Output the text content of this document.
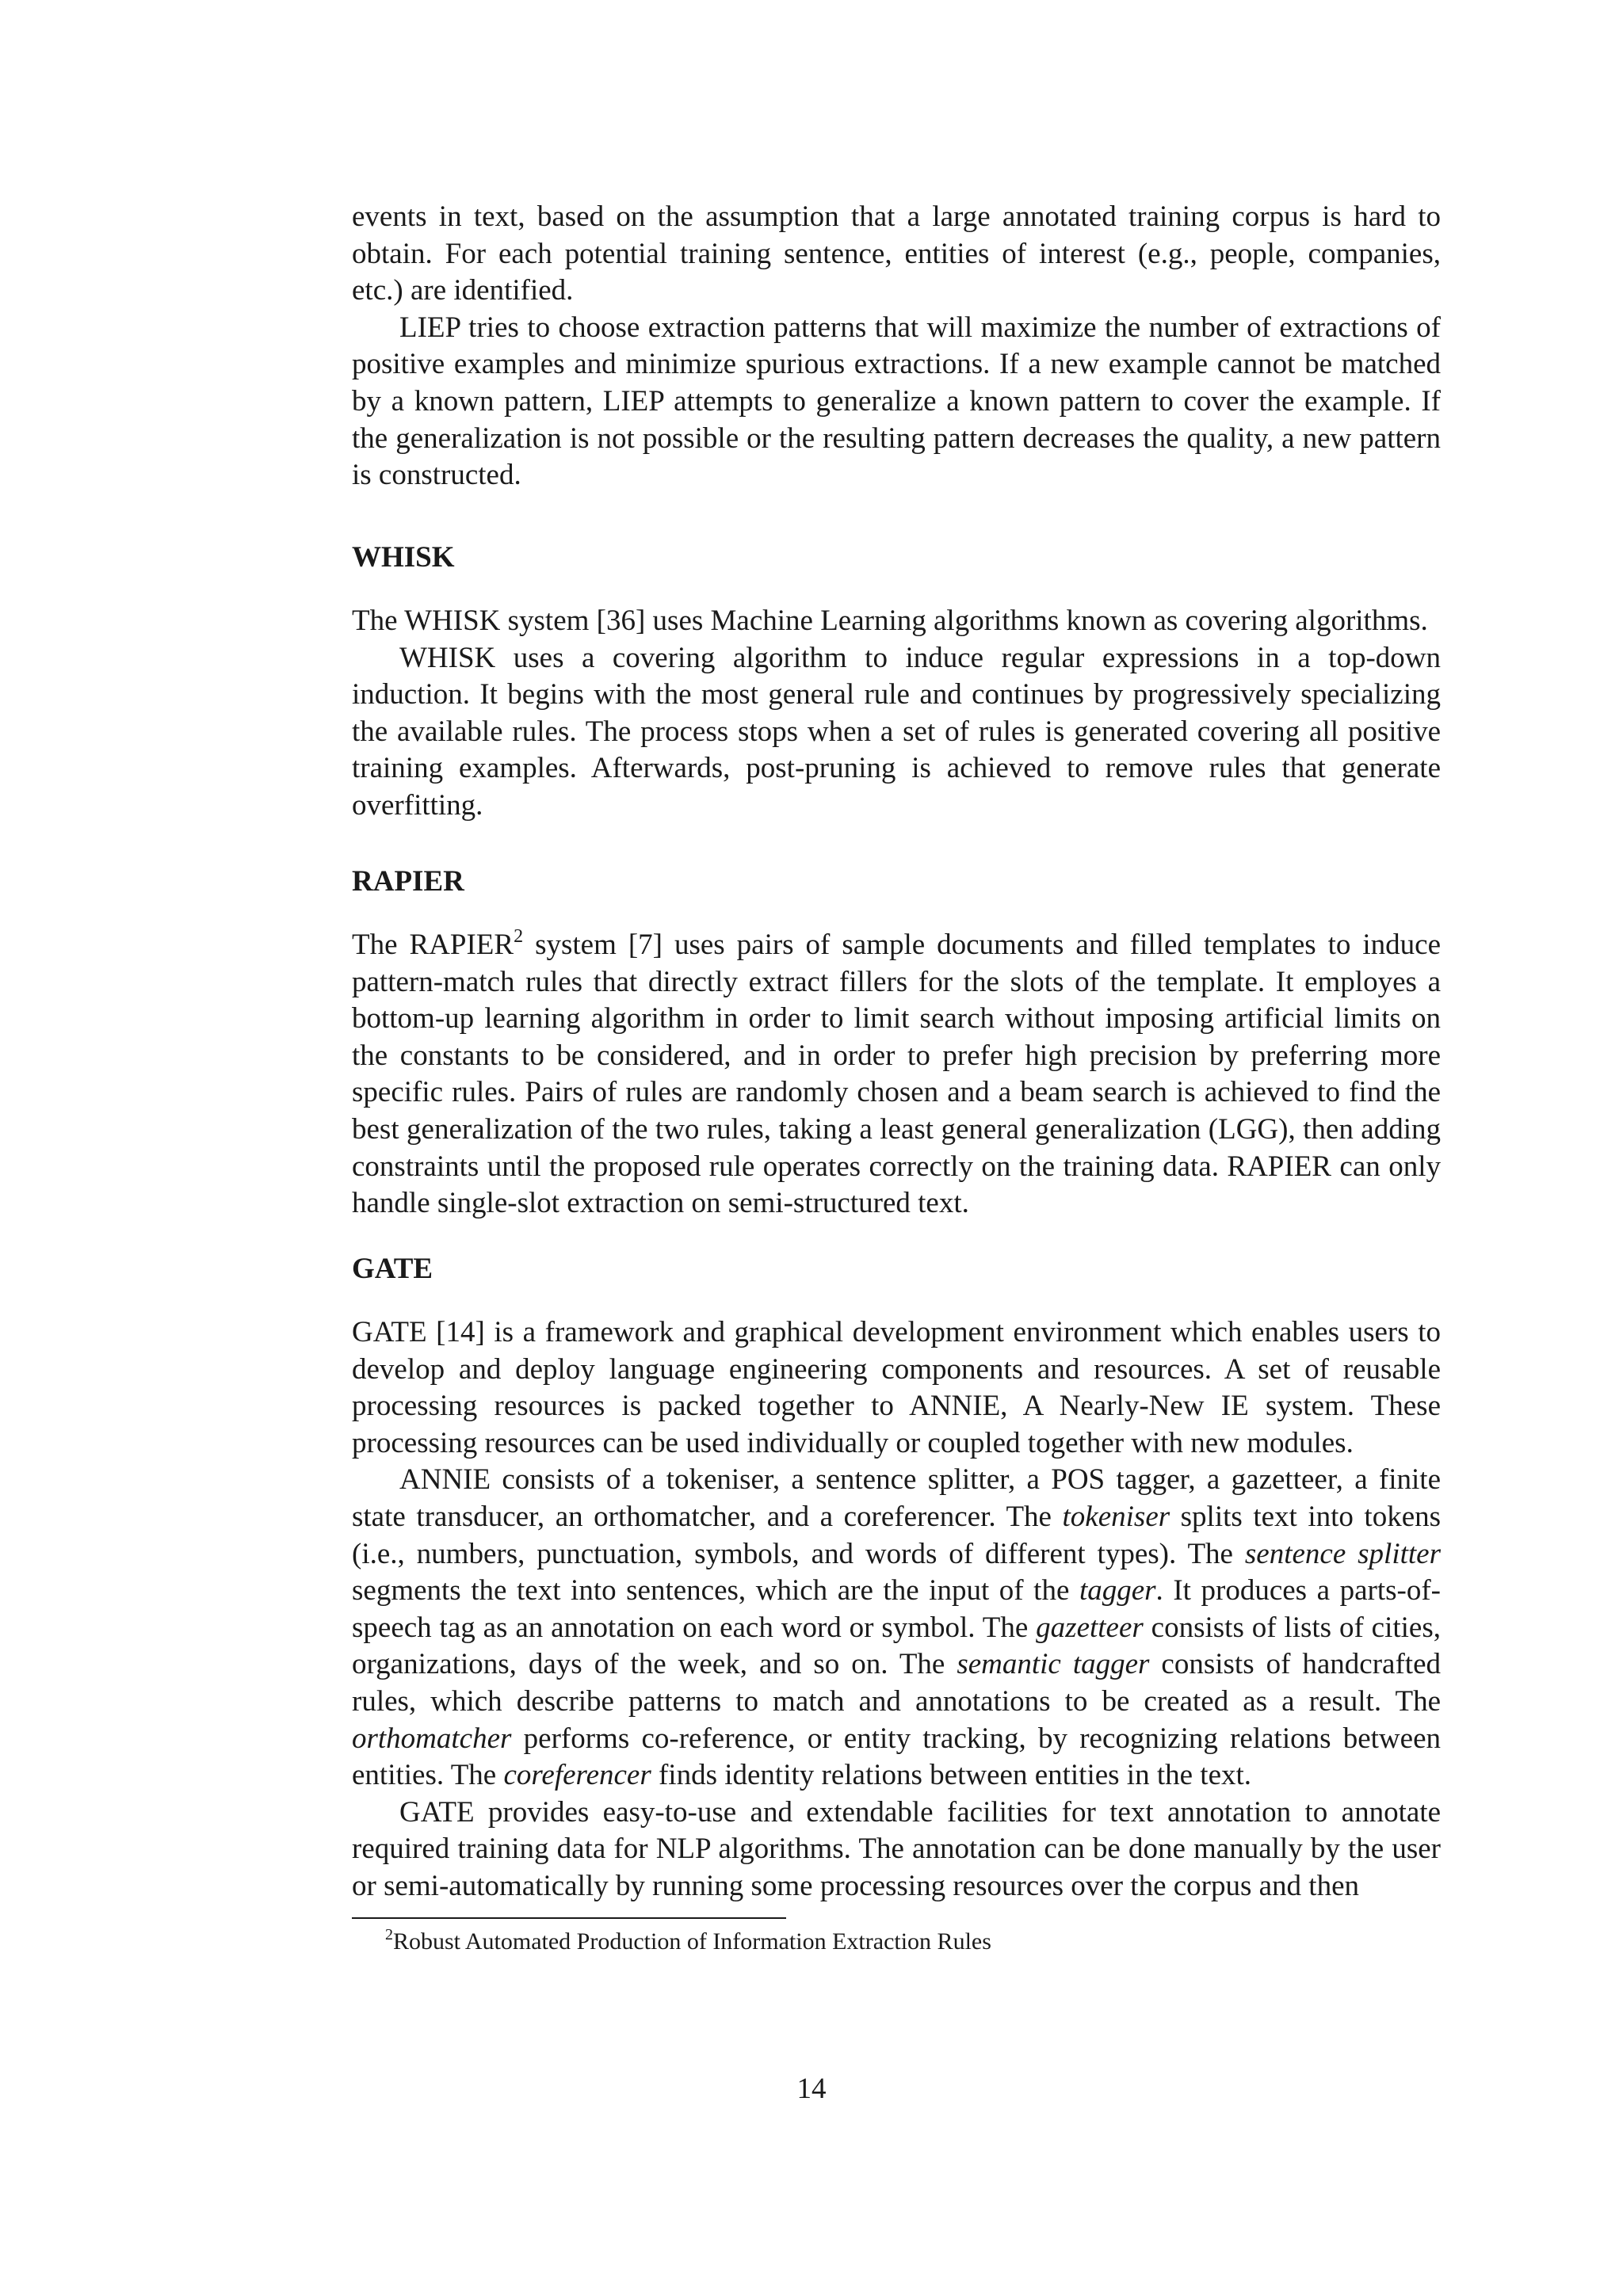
events in text, based on the assumption that a large annotated training corpus is hard to obtain. For each potential training sentence, entities of interest (e.g., people, companies, etc.) are identified.

LIEP tries to choose extraction patterns that will maximize the number of extractions of positive examples and minimize spurious extractions. If a new example cannot be matched by a known pattern, LIEP attempts to generalize a known pattern to cover the example. If the generalization is not possible or the resulting pattern decreases the quality, a new pattern is constructed.

WHISK

The WHISK system [36] uses Machine Learning algorithms known as covering algorithms.

WHISK uses a covering algorithm to induce regular expressions in a top-down induction. It begins with the most general rule and continues by progressively specializing the available rules. The process stops when a set of rules is generated covering all positive training examples. Afterwards, post-pruning is achieved to remove rules that generate overfitting.

RAPIER

The RAPIER$^2$ system [7] uses pairs of sample documents and filled templates to induce pattern-match rules that directly extract fillers for the slots of the template. It employes a bottom-up learning algorithm in order to limit search without imposing artificial limits on the constants to be considered, and in order to prefer high precision by preferring more specific rules. Pairs of rules are randomly chosen and a beam search is achieved to find the best generalization of the two rules, taking a least general generalization (LGG), then adding constraints until the proposed rule operates correctly on the training data. RAPIER can only handle single-slot extraction on semi-structured text.

GATE

GATE [14] is a framework and graphical development environment which enables users to develop and deploy language engineering components and resources. A set of reusable processing resources is packed together to ANNIE, A Nearly-New IE system. These processing resources can be used individually or coupled together with new modules.

ANNIE consists of a tokeniser, a sentence splitter, a POS tagger, a gazetteer, a finite state transducer, an orthomatcher, and a coreferencer. The tokeniser splits text into tokens (i.e., numbers, punctuation, symbols, and words of different types). The sentence splitter segments the text into sentences, which are the input of the tagger. It produces a parts-of-speech tag as an annotation on each word or symbol. The gazetteer consists of lists of cities, organizations, days of the week, and so on. The semantic tagger consists of handcrafted rules, which describe patterns to match and annotations to be created as a result. The orthomatcher performs co-reference, or entity tracking, by recognizing relations between entities. The coreferencer finds identity relations between entities in the text.

GATE provides easy-to-use and extendable facilities for text annotation to annotate required training data for NLP algorithms. The annotation can be done manually by the user or semi-automatically by running some processing resources over the corpus and then

$^2$Robust Automated Production of Information Extraction Rules
14
